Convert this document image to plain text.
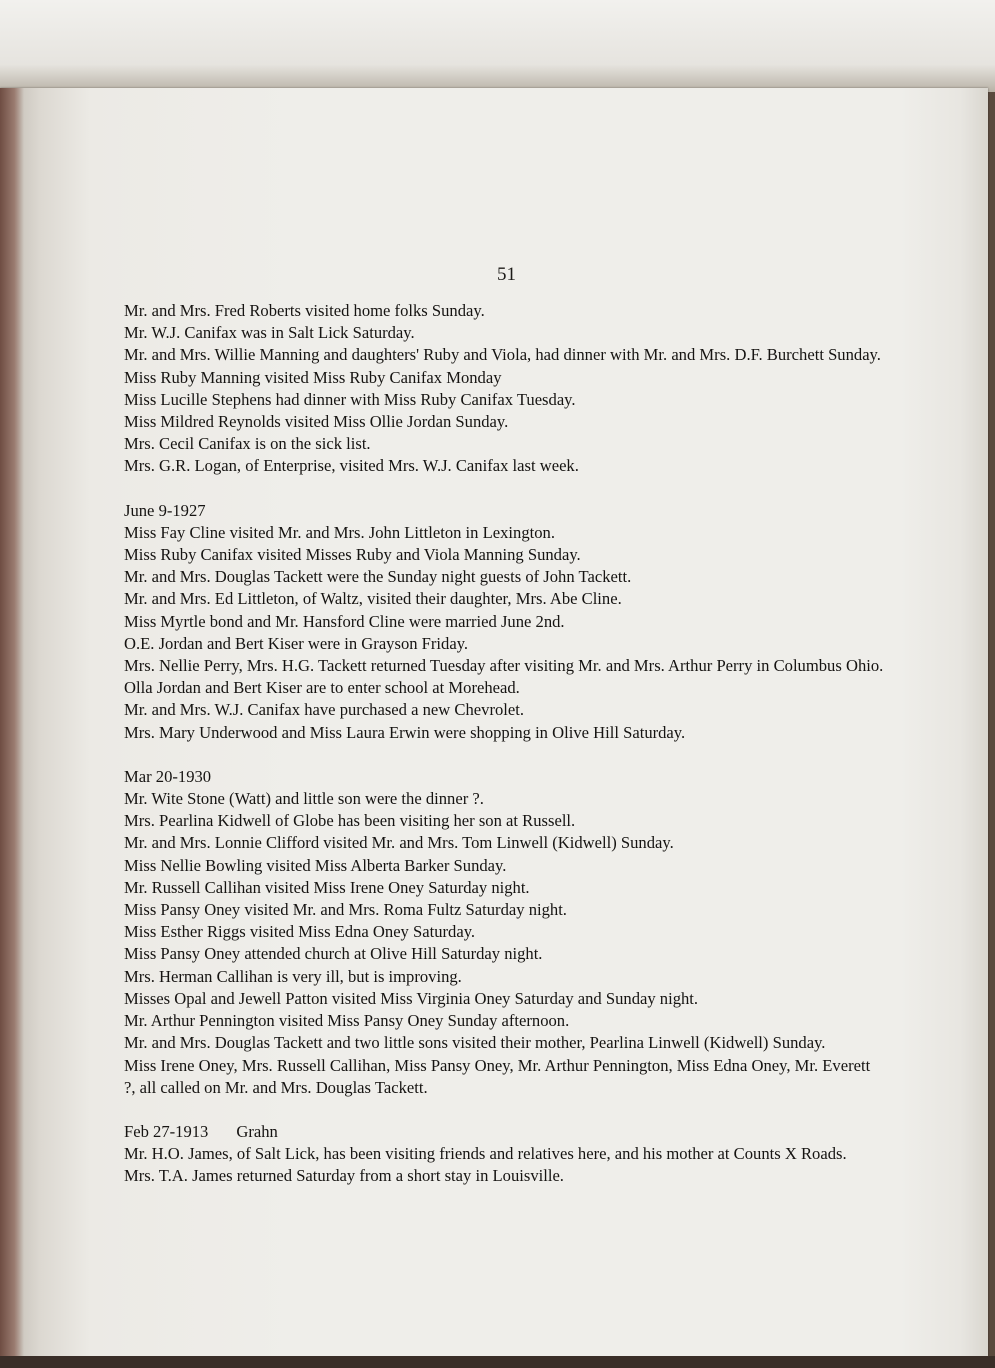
51

Mr. and Mrs. Fred Roberts visited home folks Sunday.

Mr. W.J. Canifax was in Salt Lick Saturday.

Mr. and Mrs. Willie Manning and daughters' Ruby and Viola, had dinner with Mr. and Mrs. D.F. Burchett Sunday.

Miss Ruby Manning visited Miss Ruby Canifax Monday

Miss Lucille Stephens had dinner with Miss Ruby Canifax Tuesday.

Miss Mildred Reynolds visited Miss Ollie Jordan Sunday.

Mrs. Cecil Canifax is on the sick list.

Mrs. G.R. Logan, of Enterprise, visited Mrs. W.J. Canifax last week.

June 9-1927

Miss Fay Cline visited Mr. and Mrs. John Littleton in Lexington.

Miss Ruby Canifax visited Misses Ruby and Viola Manning Sunday.

Mr. and Mrs. Douglas Tackett were the Sunday night guests of John Tackett.

Mr. and Mrs. Ed Littleton, of Waltz, visited their daughter, Mrs. Abe Cline.

Miss Myrtle bond and Mr. Hansford Cline were married June 2nd.

O.E. Jordan and Bert Kiser were in Grayson Friday.

Mrs. Nellie Perry, Mrs. H.G. Tackett returned Tuesday after visiting Mr. and Mrs. Arthur Perry in Columbus Ohio.

Olla Jordan and Bert Kiser are to enter school at Morehead.

Mr. and Mrs. W.J. Canifax have purchased a new Chevrolet.

Mrs. Mary Underwood and Miss Laura Erwin were shopping in Olive Hill Saturday.

Mar 20-1930

Mr. Wite Stone (Watt) and little son were the dinner ?.

Mrs. Pearlina Kidwell of Globe has been visiting her son at Russell.

Mr. and Mrs. Lonnie Clifford visited Mr. and Mrs. Tom Linwell (Kidwell) Sunday.

Miss Nellie Bowling visited Miss Alberta Barker Sunday.

Mr. Russell Callihan visited Miss Irene Oney Saturday night.

Miss Pansy Oney visited Mr. and Mrs. Roma Fultz Saturday night.

Miss Esther Riggs visited Miss Edna Oney Saturday.

Miss Pansy Oney attended church at Olive Hill Saturday night.

Mrs. Herman Callihan is very ill, but is improving.

Misses Opal and Jewell Patton visited Miss Virginia Oney Saturday and Sunday night.

Mr. Arthur Pennington visited Miss Pansy Oney Sunday afternoon.

Mr. and Mrs. Douglas Tackett and two little sons visited their mother, Pearlina Linwell (Kidwell) Sunday.

Miss Irene Oney, Mrs. Russell Callihan, Miss Pansy Oney, Mr. Arthur Pennington, Miss Edna Oney, Mr. Everett ?, all called on Mr. and Mrs. Douglas Tackett.

Feb 27-1913 Grahn

Mr. H.O. James, of Salt Lick, has been visiting friends and relatives here, and his mother at Counts X Roads.

Mrs. T.A. James returned Saturday from a short stay in Louisville.
